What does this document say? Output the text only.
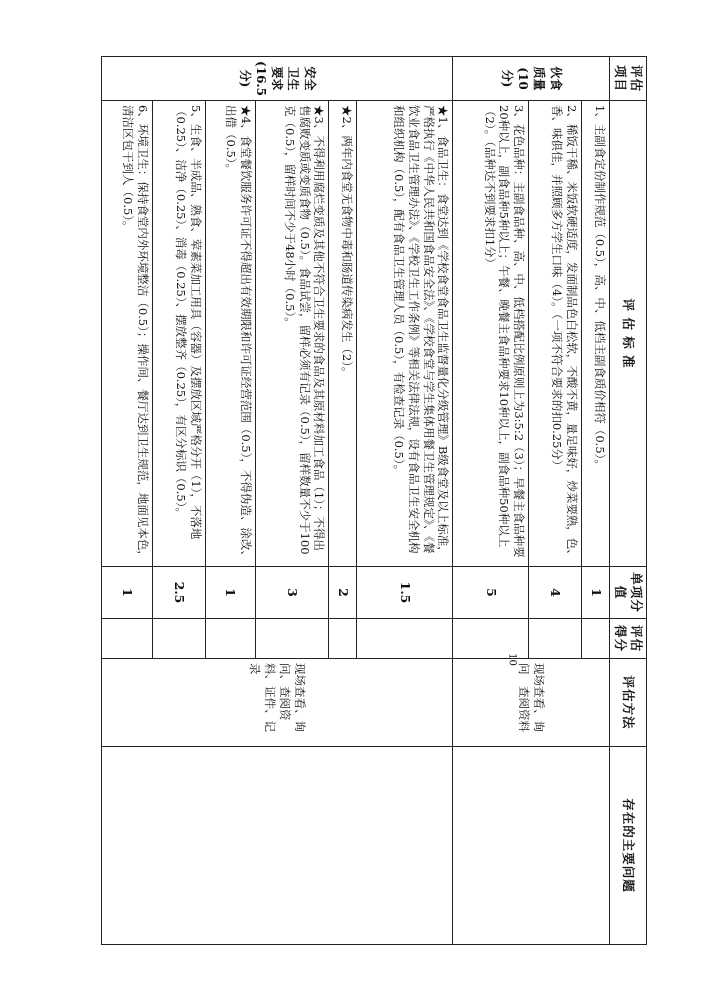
评估项目	评 估 标 准	单项分值	评估得分	评估方法	存在的主要问题
伙食质量(10分)	1、主副食定份制作规范（0.5），高、中、低档主副食质价相符（0.5）。	1		现场查看、询　问　查阅资料	
	2、稀饭干稀、米饭软硬适度，发面制品色白松软，不酸不黄，量足味好，炒菜要熟，色、香、味俱佳，并照顾多方学生口味（4）。（一项不符合要求的扣0.25分）	4			
	3、花色品种：主副食品种、高、中、低档搭配比例原则上为3:5:2（3）；早餐主食品种要20种以上，副食品种5种以上；午餐、晚餐主食品种要求10种以上，副食品种50种以上（2）。（品种达不到要求扣1分）	5			
安全卫生要求(16.5分)	★1、食品卫生：食堂达到《学校食堂食品卫生监督量化分级管理》B级食堂及以上标准，严格执行《中华人民共和国食品安全法》、《学校食堂与学生集体用餐卫生管理规定》、《餐饮业食品卫生管理办法》、《学校卫生工作条例》等相关法律法规，设有食品卫生安全机构和组织机构（0.5），配有食品卫生管理人员（0.5），有检查记录（0.5）。	1.5		现场查看、询问、查阅资料、证件、记录	
	★2、两年内食堂无食物中毒和肠道传染病发生（2）。	2			
	★3、不得利用腐烂变质及其他不符合卫生要求的食品及其原材料加工食品（1）；不得出售腐败变质或变质食物（0.5）。食品试尝，留样必须有记录（0.5），留样数量不少于100克（0.5），留样时间不少于48小时（0.5）。	3			
	★4、食堂餐饮服务许可证不得超出有效期限和许可证经营范围（0.5），不得伪造、涂改、出借（0.5）。	1			
	5、生食、半成品、熟食、荤素菜加工用具（容器）及摆放区域严格分开（1），不落地（0.25）、洁净（0.25）、消毒（0.25）、摆放整齐（0.25），有区分标识（0.5）。	2.5			
	6、环境卫生：保持食堂内外环境整洁（0.5）；操作间、餐厅达到卫生规范，地面见本色，清洁区包干到人（0.5）。	1			
10
